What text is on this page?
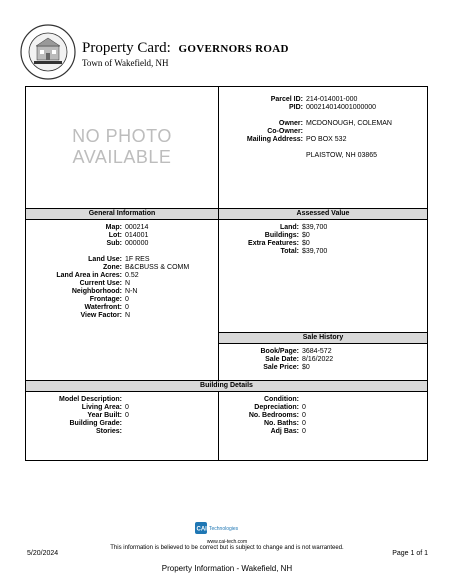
Property Card: GOVERNORS ROAD
Town of Wakefield, NH
NO PHOTO
AVAILABLE
Parcel ID: 214-014001-000
PID: 000214014001000000
Owner: MCDONOUGH, COLEMAN
Co-Owner:
Mailing Address: PO BOX 532
PLAISTOW, NH 03865
General Information	Assessed Value
Map: 000214
Lot: 014001
Sub: 000000
Land Use: 1F RES
Zone: B&CBUSS & COMM
Land Area in Acres: 0.52
Current Use: N
Neighborhood: N-N
Frontage: 0
Waterfront: 0
View Factor: N
Land: $39,700
Buildings: $0
Extra Features: $0
Total: $39,700
Sale History
Book/Page: 3684-572
Sale Date: 8/16/2022
Sale Price: $0
Building Details
Model Description:
Living Area: 0
Year Built: 0
Building Grade:
Stories:
Condition:
Depreciation: 0
No. Bedrooms: 0
No. Baths: 0
Adj Bas: 0
CAI Technologies
www.cai-tech.com
This information is believed to be correct but is subject to change and is not warranteed.
5/20/2024	Page 1 of 1
Property Information - Wakefield, NH
